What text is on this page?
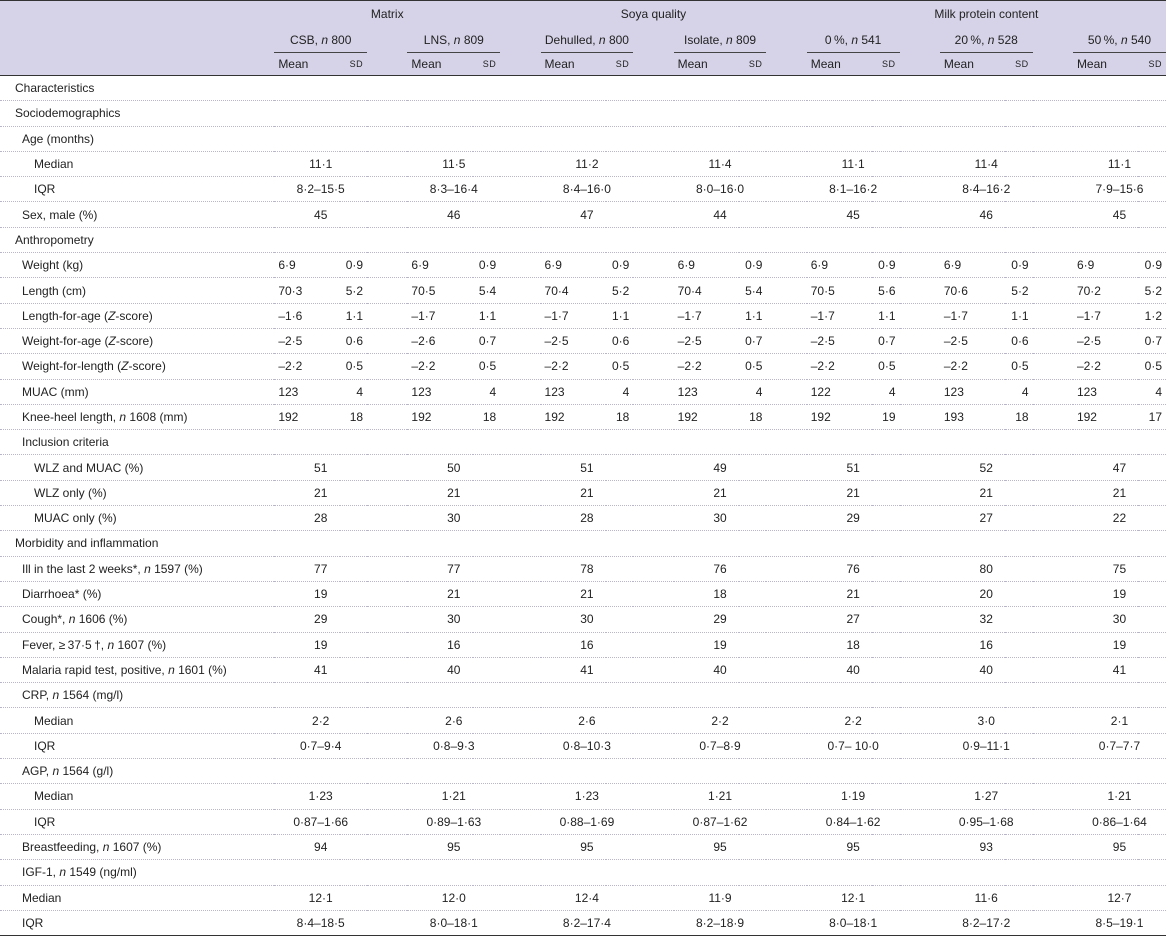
	Matrix						Soya quality						Milk protein content							
	CSB, n 800			LNS, n 809			Dehulled, n 800			Isolate, n 809			0 %, n 541			20 %, n 528			50 %, n 540	
	Mean	SD		Mean	SD		Mean	SD		Mean	SD		Mean	SD		Mean	SD		Mean	SD
Characteristics																				
Sociodemographics																				
Age (months)																				
Median	11·1			11·5			11·2			11·4			11·1			11·4			11·1	
IQR	8·2–15·5			8·3–16·4			8·4–16·0			8·0–16·0			8·1–16·2			8·4–16·2			7·9–15·6	
Sex, male (%)	45			46			47			44			45			46			45	
Anthropometry																				
Weight (kg)	6·9	0·9		6·9	0·9		6·9	0·9		6·9	0·9		6·9	0·9		6·9	0·9		6·9	0·9
Length (cm)	70·3	5·2		70·5	5·4		70·4	5·2		70·4	5·4		70·5	5·6		70·6	5·2		70·2	5·2
Length-for-age (Z-score)	–1·6	1·1		–1·7	1·1		–1·7	1·1		–1·7	1·1		–1·7	1·1		–1·7	1·1		–1·7	1·2
Weight-for-age (Z-score)	–2·5	0·6		–2·6	0·7		–2·5	0·6		–2·5	0·7		–2·5	0·7		–2·5	0·6		–2·5	0·7
Weight-for-length (Z-score)	–2·2	0·5		–2·2	0·5		–2·2	0·5		–2·2	0·5		–2·2	0·5		–2·2	0·5		–2·2	0·5
MUAC (mm)	123	4		123	4		123	4		123	4		122	4		123	4		123	4
Knee-heel length, n 1608 (mm)	192	18		192	18		192	18		192	18		192	19		193	18		192	17
Inclusion criteria																				
WLZ and MUAC (%)	51			50			51			49			51			52			47	
WLZ only (%)	21			21			21			21			21			21			21	
MUAC only (%)	28			30			28			30			29			27			22	
Morbidity and inflammation																				
Ill in the last 2 weeks*, n 1597 (%)	77			77			78			76			76			80			75	
Diarrhoea* (%)	19			21			21			18			21			20			19	
Cough*, n 1606 (%)	29			30			30			29			27			32			30	
Fever, ≥ 37·5 †, n 1607 (%)	19			16			16			19			18			16			19	
Malaria rapid test, positive, n 1601 (%)	41			40			41			40			40			40			41	
CRP, n 1564 (mg/l)																				
Median	2·2			2·6			2·6			2·2			2·2			3·0			2·1	
IQR	0·7–9·4			0·8–9·3			0·8–10·3			0·7–8·9			0·7– 10·0			0·9–11·1			0·7–7·7	
AGP, n 1564 (g/l)																				
Median	1·23			1·21			1·23			1·21			1·19			1·27			1·21	
IQR	0·87–1·66			0·89–1·63			0·88–1·69			0·87–1·62			0·84–1·62			0·95–1·68			0·86–1·64	
Breastfeeding, n 1607 (%)	94			95			95			95			95			93			95	
IGF-1, n 1549 (ng/ml)																				
Median	12·1			12·0			12·4			11·9			12·1			11·6			12·7	
IQR	8·4–18·5			8·0–18·1			8·2–17·4			8·2–18·9			8·0–18·1			8·2–17·2			8·5–19·1	
